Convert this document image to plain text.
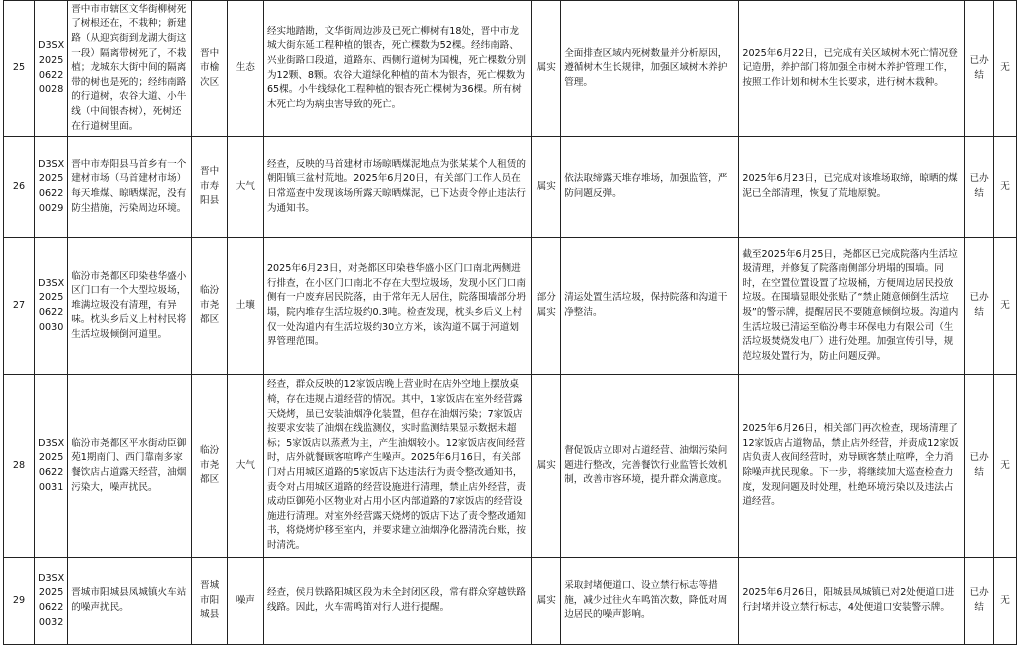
25	D3SX202506220028	晋中市市辖区文华街柳树死了树根还在，不栽种；新建路（从迎宾街到龙湖大街这一段）隔离带树死了，不栽植；龙城东大街中间的隔离带的树也是死的；经纬南路的行道树，农谷大道、小牛线（中间银杏树），死树还在行道树里面。	晋中市榆次区	生态	经实地踏勘，文华街周边涉及已死亡柳树有18处，晋中市龙城大街东延工程种植的银杏，死亡棵数为52棵。经纬南路、兴业街路口段道，道路东、西侧行道树为国槐，死亡棵数分别为12颗、8颗。农谷大道绿化种植的苗木为银杏，死亡棵数为65棵。小牛线绿化工程种植的银杏死亡棵树为36棵。所有树木死亡均为病虫害导致的死亡。	属实	全面排查区域内死树数量并分析原因，遵循树木生长规律，加强区域树木养护管理。	2025年6月22日，已完成有关区域树木死亡情况登记造册，养护部门将加强全市树木养护管理工作，按照工作计划和树木生长要求，进行树木栽种。	已办结	无
26	D3SX202506220029	晋中市寿阳县马首乡有一个建材市场（马首建材市场）每天堆煤、晾晒煤泥，没有防尘措施，污染周边环境。	晋中市寿阳县	大气	经查，反映的马首建材市场晾晒煤泥地点为张某某个人租赁的朝阳镇三盆村荒地。2025年6月20日，有关部门工作人员在日常巡查中发现该场所露天晾晒煤泥，已下达责令停止违法行为通知书。	属实	依法取缔露天堆存堆场，加强监管，严防问题反弹。	2025年6月23日，已完成对该堆场取缔，晾晒的煤泥已全部清理，恢复了荒地原貌。	已办结	无
27	D3SX202506220030	临汾市尧都区印染巷华盛小区门口有一个大型垃圾场，堆满垃圾没有清理，有异味。枕头乡后义上村村民将生活垃圾倾倒河道里。	临汾市尧都区	土壤	2025年6月23日，对尧都区印染巷华盛小区门口南北两侧进行排查，在小区门口南北不存在大型垃圾场，发现小区门口南侧有一户废弃居民院落，由于常年无人居住，院落围墙部分坍塌，院内堆存生活垃圾约0.3吨。检查发现，枕头乡后义上村仅一处沟道内有生活垃圾约30立方米，该沟道不属于河道划界管理范围。	部分属实	清运处置生活垃圾，保持院落和沟道干净整洁。	截至2025年6月25日，尧都区已完成院落内生活垃圾清理，并修复了院落南侧部分坍塌的围墙。同时，在空置位置设置了垃圾桶，方便周边居民投放垃圾。在围墙显眼处张贴了“禁止随意倾倒生活垃圾”的警示牌，提醒居民不要随意倾倒垃圾。沟道内生活垃圾已清运至临汾粤丰环保电力有限公司（生活垃圾焚烧发电厂）进行处理。加强宣传引导，规范垃圾处置行为，防止问题反弹。	已办结	无
28	D3SX202506220031	临汾市尧都区平水街动臣御苑1期南门、西门靠南多家餐饮店占道露天经营，油烟污染大，噪声扰民。	临汾市尧都区	大气	经查，群众反映的12家饭店晚上营业时在店外空地上摆放桌椅，存在违规占道经营的情况。其中，1家饭店在室外经营露天烧烤，虽已安装油烟净化装置，但存在油烟污染；7家饭店按要求安装了油烟在线监测仪，实时监测结果显示数据未超标；5家饭店以蒸煮为主，产生油烟较小。12家饭店夜间经营时，店外就餐顾客喧哗产生噪声。2025年6月16日，有关部门对占用城区道路的5家饭店下达违法行为责令整改通知书，责令对占用城区道路的经营设施进行清理，禁止店外经营，责成动臣御苑小区物业对占用小区内部道路的7家饭店的经营设施进行清理。对室外经营露天烧烤的饭店下达了责令整改通知书，将烧烤炉移至室内，并要求建立油烟净化器清洗台账，按时清洗。	属实	督促饭店立即对占道经营、油烟污染问题进行整改，完善餐饮行业监管长效机制，改善市容环境，提升群众满意度。	2025年6月26日，相关部门再次检查，现场清理了12家饭店占道物品，禁止店外经营，并责成12家饭店负责人夜间经营时，劝导顾客禁止喧哗，全力消除噪声扰民现象。下一步，将继续加大巡查检查力度，发现问题及时处理，杜绝环境污染以及违法占道经营。	已办结	无
29	D3SX202506220032	晋城市阳城县凤城镇火车站的噪声扰民。	晋城市阳城县	噪声	经查，侯月铁路阳城区段为未全封闭区段，常有群众穿越铁路线路。因此，火车需鸣笛对行人进行提醒。	属实	采取封堵便道口、设立禁行标志等措施，减少过往火车鸣笛次数，降低对周边居民的噪声影响。	2025年6月26日，阳城县凤城镇已对2处便道口进行封堵并设立禁行标志，4处便道口安装警示牌。	已办结	无
